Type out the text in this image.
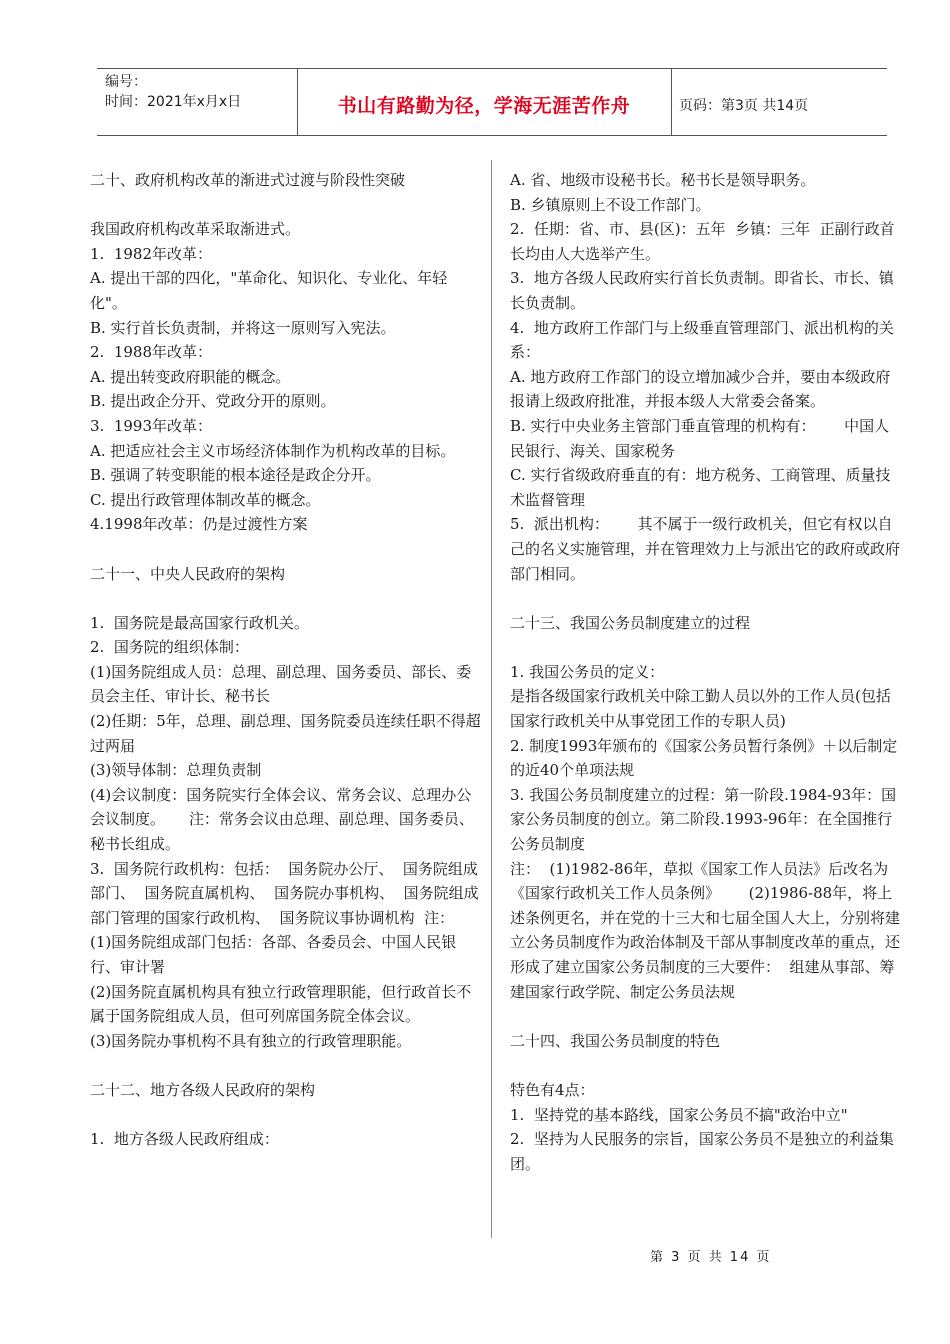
编号：
时间：2021年x月x日	书山有路勤为径，学海无涯苦作舟	页码：第3页 共14页

二十、政府机构改革的渐进式过渡与阶段性突破

我国政府机构改革采取渐进式。

1.  1982年改革：

A. 提出干部的四化，"革命化、知识化、专业化、年轻化"。

B. 实行首长负责制，并将这一原则写入宪法。

2.  1988年改革：

A. 提出转变政府职能的概念。

B. 提出政企分开、党政分开的原则。

3.  1993年改革：

A. 把适应社会主义市场经济体制作为机构改革的目标。

B. 强调了转变职能的根本途径是政企分开。

C. 提出行政管理体制改革的概念。

4.1998年改革：仍是过渡性方案

二十一、中央人民政府的架构

1.  国务院是最高国家行政机关。

2.  国务院的组织体制：

(1)国务院组成人员：总理、副总理、国务委员、部长、委员会主任、审计长、秘书长

(2)任期：5年，总理、副总理、国务院委员连续任职不得超过两届

(3)领导体制：总理负责制

(4)会议制度：国务院实行全体会议、常务会议、总理办公会议制度。     注：常务会议由总理、副总理、国务委员、秘书长组成。

3.  国务院行政机构：包括：  国务院办公厅、  国务院组成部门、  国务院直属机构、  国务院办事机构、  国务院组成部门管理的国家行政机构、  国务院议事协调机构  注：

(1)国务院组成部门包括：各部、各委员会、中国人民银行、审计署

(2)国务院直属机构具有独立行政管理职能，但行政首长不属于国务院组成人员，但可列席国务院全体会议。

(3)国务院办事机构不具有独立的行政管理职能。

二十二、地方各级人民政府的架构

1.  地方各级人民政府组成：

A. 省、地级市设秘书长。秘书长是领导职务。

B. 乡镇原则上不设工作部门。

2.  任期：省、市、县(区)：五年  乡镇：三年  正副行政首长均由人大选举产生。

3.  地方各级人民政府实行首长负责制。即省长、市长、镇长负责制。

4.  地方政府工作部门与上级垂直管理部门、派出机构的关系：

A. 地方政府工作部门的设立增加减少合并，要由本级政府报请上级政府批准，并报本级人大常委会备案。

B. 实行中央业务主管部门垂直管理的机构有：      中国人民银行、海关、国家税务

C. 实行省级政府垂直的有：地方税务、工商管理、质量技术监督管理

5.  派出机构：      其不属于一级行政机关，但它有权以自己的名义实施管理，并在管理效力上与派出它的政府或政府部门相同。

二十三、我国公务员制度建立的过程

1. 我国公务员的定义：

是指各级国家行政机关中除工勤人员以外的工作人员(包括国家行政机关中从事党团工作的专职人员)

2. 制度1993年颁布的《国家公务员暂行条例》＋以后制定的近40个单项法规

3. 我国公务员制度建立的过程：第一阶段.1984-93年：国家公务员制度的创立。第二阶段.1993-96年：在全国推行公务员制度

注：  (1)1982-86年，草拟《国家工作人员法》后改名为《国家行政机关工作人员条例》      (2)1986-88年，将上述条例更名，并在党的十三大和七届全国人大上，分别将建立公务员制度作为政治体制及干部从事制度改革的重点，还形成了建立国家公务员制度的三大要件：  组建从事部、筹建国家行政学院、制定公务员法规

二十四、我国公务员制度的特色

特色有4点：

1.  坚持党的基本路线，国家公务员不搞"政治中立"

2.  坚持为人民服务的宗旨，国家公务员不是独立的利益集团。

第 3 页 共 14 页
